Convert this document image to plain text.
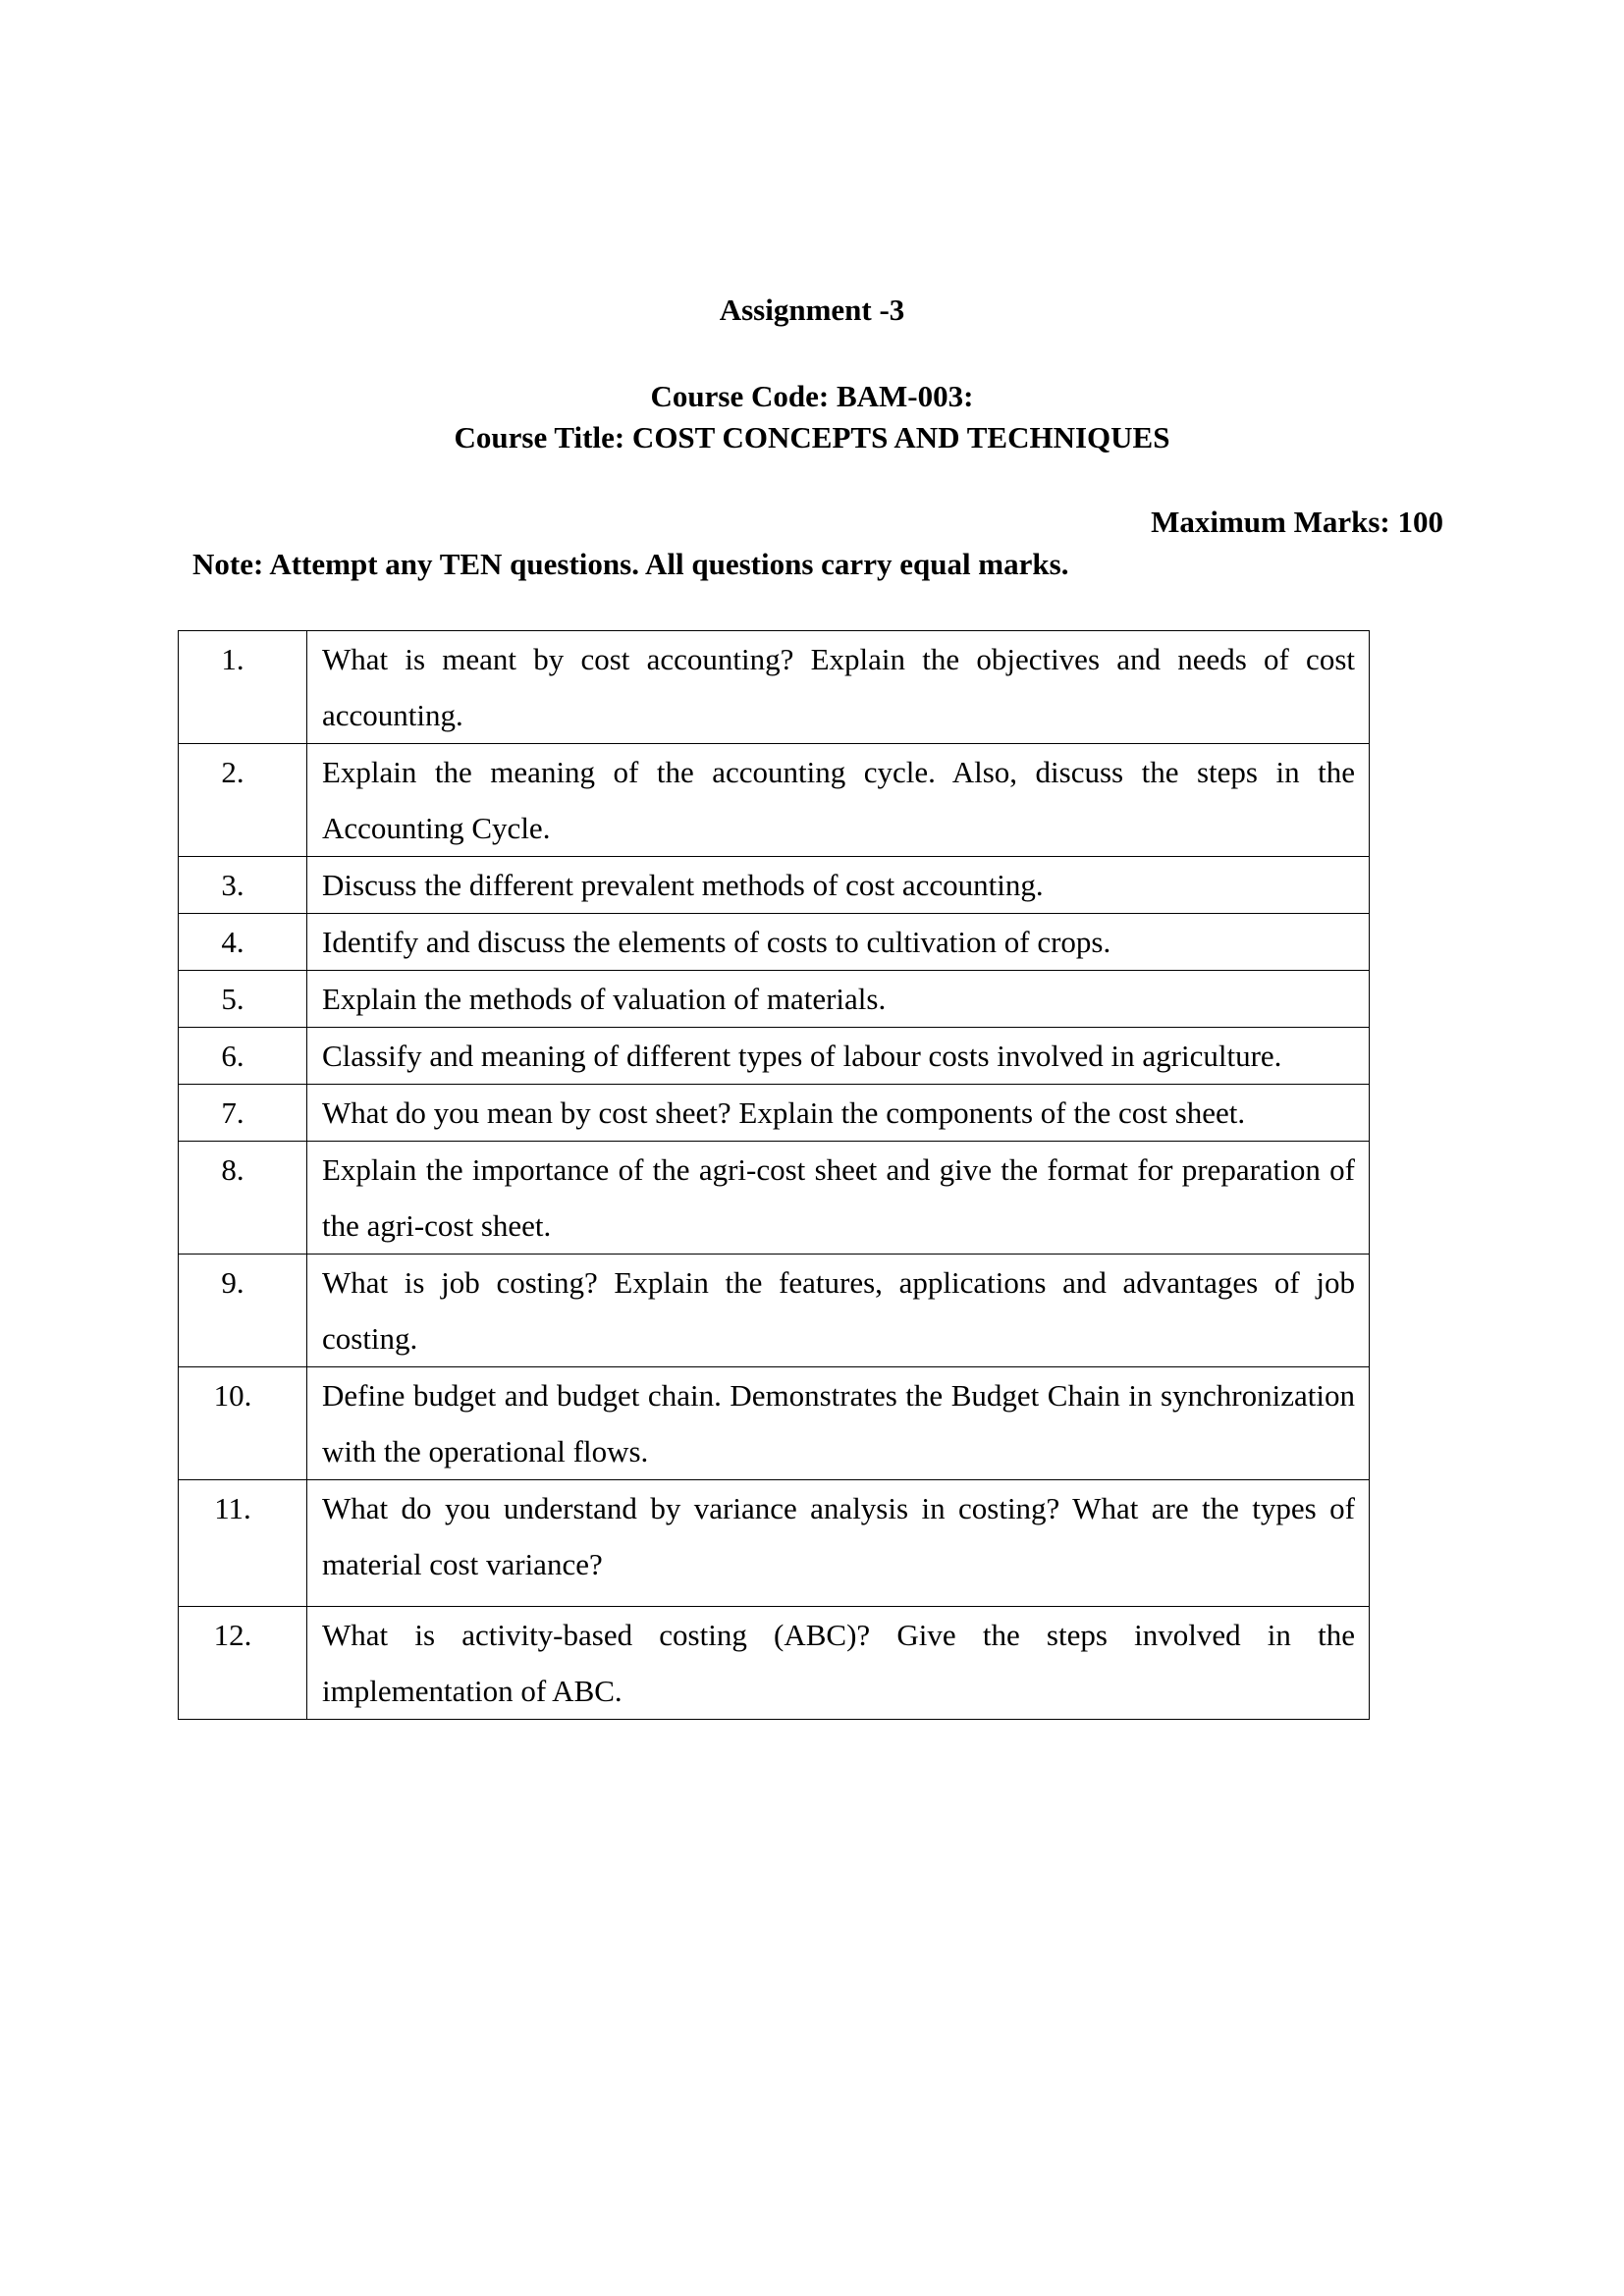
Assignment -3
Course Code: BAM-003:
Course Title: COST CONCEPTS AND TECHNIQUES
Maximum Marks: 100
Note: Attempt any TEN questions. All questions carry equal marks.
1.	What is meant by cost accounting? Explain the objectives and needs of cost accounting.
2.	Explain the meaning of the accounting cycle. Also, discuss the steps in the Accounting Cycle.
3.	Discuss the different prevalent methods of cost accounting.
4.	Identify and discuss the elements of costs to cultivation of crops.
5.	Explain the methods of valuation of materials.
6.	Classify and meaning of different types of labour costs involved in agriculture.
7.	What do you mean by cost sheet? Explain the components of the cost sheet.
8.	Explain the importance of the agri-cost sheet and give the format for preparation of the agri-cost sheet.
9.	What is job costing? Explain the features, applications and advantages of job costing.
10.	Define budget and budget chain. Demonstrates the Budget Chain in synchronization with the operational flows.
11.	What do you understand by variance analysis in costing? What are the types of material cost variance?
12.	What is activity-based costing (ABC)? Give the steps involved in the implementation of ABC.
